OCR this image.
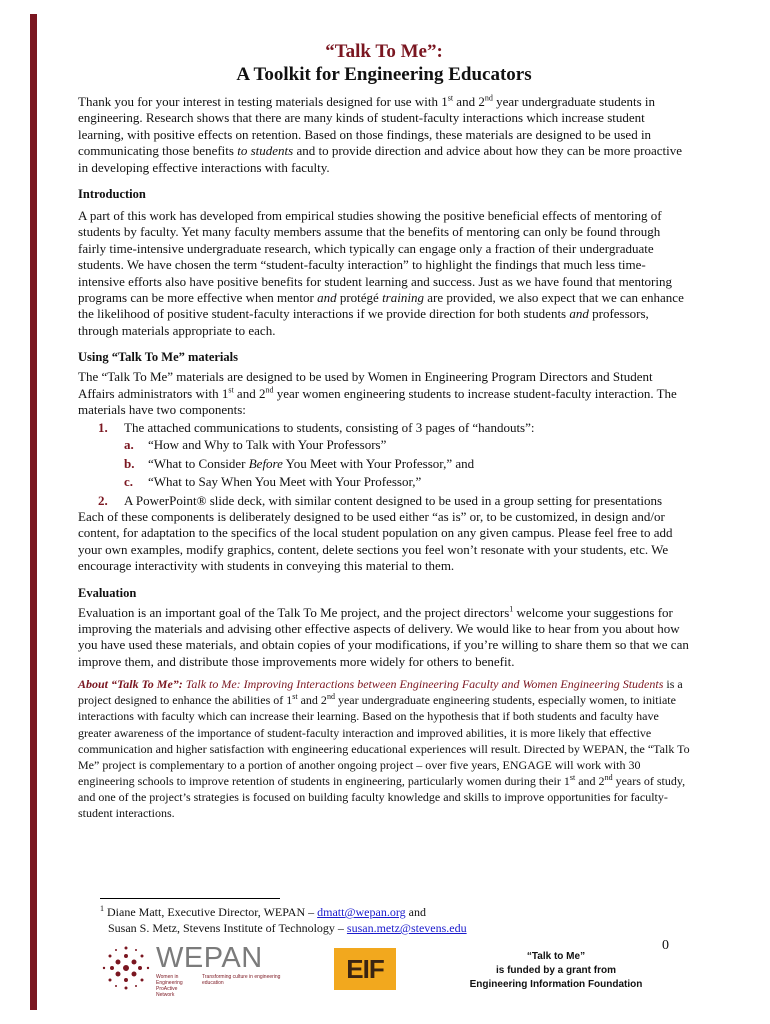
“Talk To Me”:
A Toolkit for Engineering Educators

Thank you for your interest in testing materials designed for use with 1st and 2nd year undergraduate students in engineering. Research shows that there are many kinds of student-faculty interactions which increase student learning, with positive effects on retention. Based on those findings, these materials are designed to be used in communicating those benefits to students and to provide direction and advice about how they can be more proactive in developing effective interactions with faculty.

Introduction

A part of this work has developed from empirical studies showing the positive beneficial effects of mentoring of students by faculty. Yet many faculty members assume that the benefits of mentoring can only be found through fairly time-intensive undergraduate research, which typically can engage only a fraction of their undergraduate students. We have chosen the term “student-faculty interaction” to highlight the findings that much less time-intensive efforts also have positive benefits for student learning and success. Just as we have found that mentoring programs can be more effective when mentor and protégé training are provided, we also expect that we can enhance the likelihood of positive student-faculty interactions if we provide direction for both students and professors, through materials appropriate to each.

Using “Talk To Me” materials

The “Talk To Me” materials are designed to be used by Women in Engineering Program Directors and Student Affairs administrators with 1st and 2nd year women engineering students to increase student-faculty interaction. The materials have two components:

1. The attached communications to students, consisting of 3 pages of “handouts”:
a. “How and Why to Talk with Your Professors”
b. “What to Consider Before You Meet with Your Professor,” and
c. “What to Say When You Meet with Your Professor,”
2. A PowerPoint® slide deck, with similar content designed to be used in a group setting for presentations

Each of these components is deliberately designed to be used either “as is” or, to be customized, in design and/or content, for adaptation to the specifics of the local student population on any given campus. Please feel free to add your own examples, modify graphics, content, delete sections you feel won’t resonate with your students, etc. We encourage interactivity with students in conveying this material to them.

Evaluation

Evaluation is an important goal of the Talk To Me project, and the project directors$^1$ welcome your suggestions for improving the materials and advising other effective aspects of delivery. We would like to hear from you about how you have used these materials, and obtain copies of your modifications, if you’re willing to share them so that we can improve them, and distribute those improvements more widely for others to benefit.

About “Talk To Me”: Talk to Me: Improving Interactions between Engineering Faculty and Women Engineering Students is a project designed to enhance the abilities of 1st and 2nd year undergraduate engineering students, especially women, to initiate interactions with faculty which can increase their learning. Based on the hypothesis that if both students and faculty have greater awareness of the importance of student-faculty interaction and improved abilities, it is more likely that effective communication and higher satisfaction with engineering educational experiences will result. Directed by WEPAN, the “Talk To Me” project is complementary to a portion of another ongoing project – over five years, ENGAGE will work with 30 engineering schools to improve retention of students in engineering, particularly women during their 1st and 2nd years of study, and one of the project’s strategies is focused on building faculty knowledge and skills to improve opportunities for faculty-student interactions.

$^1$ Diane Matt, Executive Director, WEPAN – dmatt@wepan.org and
Susan S. Metz, Stevens Institute of Technology – susan.metz@stevens.edu
0
WEPAN
Women in Engineering ProActive Network
Transforming culture in engineering education	EIF	“Talk to Me”
is funded by a grant from
Engineering Information Foundation
